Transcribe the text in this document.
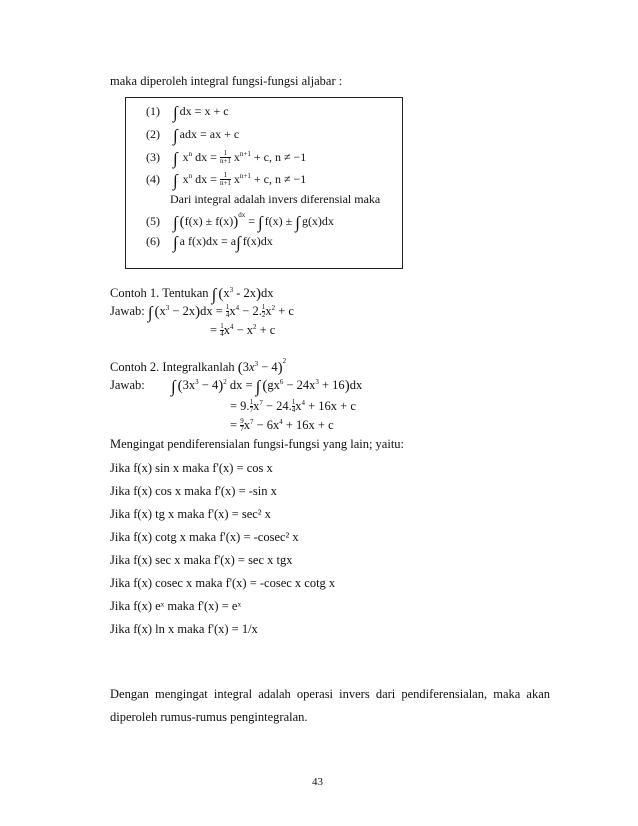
maka diperoleh integral fungsi-fungsi aljabar :
(1) ∫ dx = x + c
(2) ∫ adx = ax + c
(3) ∫ $x^n$ dx = $\frac{1}{n+1} x^{n+1} + c$, n ≠ −1
(4) ∫ $x^n$ dx = $\frac{1}{n+1} x^{n+1} + c$, n ≠ −1
Dari integral adalah invers diferensial maka
(5) ∫ $(f(x) \pm f(x))^{dx}$ = ∫ f(x) ± ∫ g(x)dx
(6) ∫ a f(x)dx = a∫ f(x)dx
Contoh 1. Tentukan ∫ $(x^3 - 2x)dx$
Jawab: ∫ $(x^3 - 2x)dx = \frac{1}{4} x^4 - 2$. $\frac{1}{2} x^2 + c$
= $\frac{1}{4} x^4 - x^2 + c$
Contoh 2. Integralkanlah $(3x^3 - 4)^2$
Jawab: ∫ $(3x^3 - 4)^2$ dx = ∫ $(gx^6 - 24x^3 + 16)dx$
= 9. $\frac{1}{7} x^7 - 24$. $\frac{1}{4} x^4 + 16x + c$
= $\frac{9}{7} x^7 - 6x^4 + 16x + c$
Mengingat pendiferensialan fungsi-fungsi yang lain; yaitu:
Jika f(x) sin x maka f'(x) = cos x
Jika f(x) cos x maka f'(x) = -sin x
Jika f(x) tg x maka f'(x) = sec² x
Jika f(x) cotg x maka f'(x) = -cosec² x
Jika f(x) sec x maka f'(x) = sec x tgx
Jika f(x) cosec x maka f'(x) = -cosec x cotg x
Jika f(x) eˣ maka f'(x) = eˣ
Jika f(x) ln x maka f'(x) = 1/x
Dengan mengingat integral adalah operasi invers dari pendiferensialan, maka akan
diperoleh rumus-rumus pengintegralan.
43
